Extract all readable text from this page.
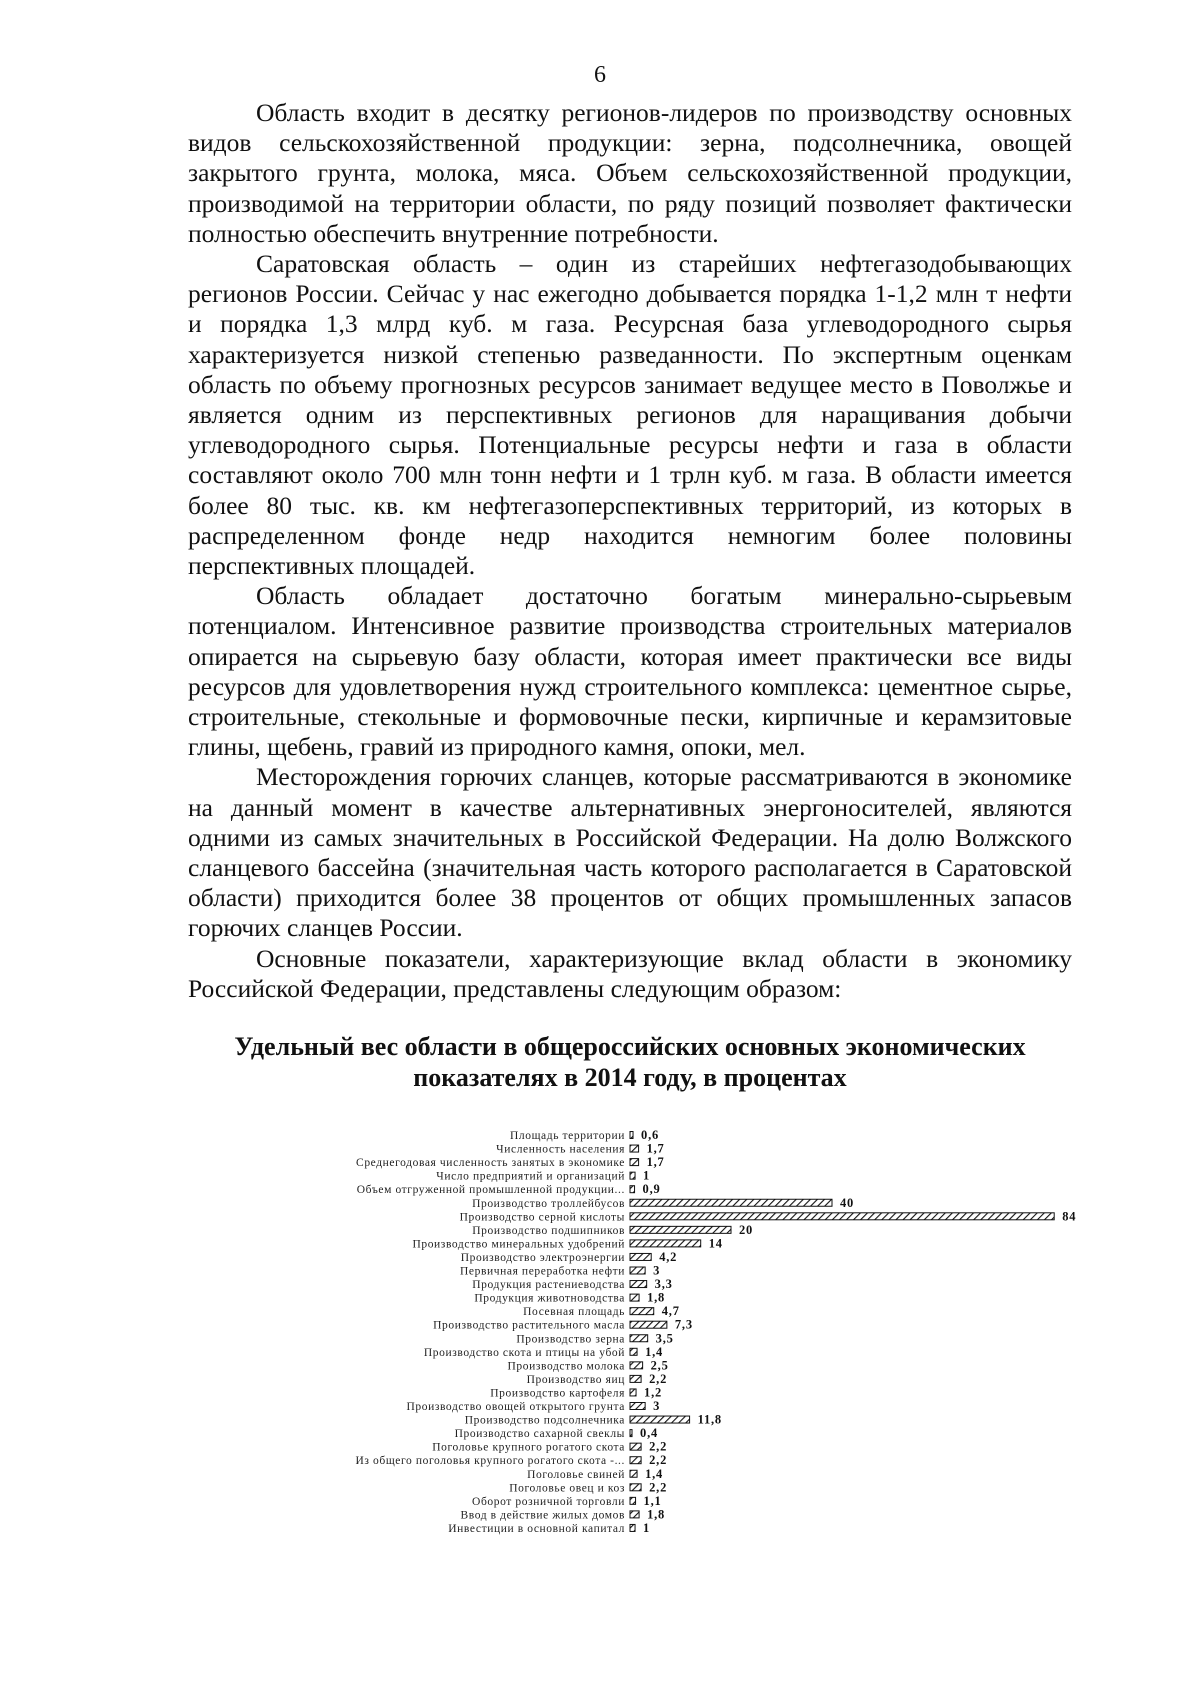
6

Область входит в десятку регионов-лидеров по производству основных видов сельскохозяйственной продукции: зерна, подсолнечника, овощей закрытого грунта, молока, мяса. Объем сельскохозяйственной продукции, производимой на территории области, по ряду позиций позволяет фактически полностью обеспечить внутренние потребности.

Саратовская область – один из старейших нефтегазодобывающих регионов России. Сейчас у нас ежегодно добывается порядка 1-1,2 млн т нефти и порядка 1,3 млрд куб. м газа. Ресурсная база углеводородного сырья характеризуется низкой степенью разведанности. По экспертным оценкам область по объему прогнозных ресурсов занимает ведущее место в Поволжье и является одним из перспективных регионов для наращивания добычи углеводородного сырья. Потенциальные ресурсы нефти и газа в области составляют около 700 млн тонн нефти и 1 трлн куб. м газа. В области имеется более 80 тыс. кв. км нефтегазоперспективных территорий, из которых в распределенном фонде недр находится немногим более половины перспективных площадей.

Область обладает достаточно богатым минерально-сырьевым потенциалом. Интенсивное развитие производства строительных материалов опирается на сырьевую базу области, которая имеет практически все виды ресурсов для удовлетворения нужд строительного комплекса: цементное сырье, строительные, стекольные и формовочные пески, кирпичные и керамзитовые глины, щебень, гравий из природного камня, опоки, мел.

Месторождения горючих сланцев, которые рассматриваются в экономике на данный момент в качестве альтернативных энергоносителей, являются одними из самых значительных в Российской Федерации. На долю Волжского сланцевого бассейна (значительная часть которого располагается в Саратовской области) приходится более 38 процентов от общих промышленных запасов горючих сланцев России.

Основные показатели, характеризующие вклад области в экономику Российской Федерации, представлены следующим образом:

Удельный вес области в общероссийских основных экономических показателях в 2014 году, в процентах
Площадь территории 0,6
Численность населения 1,7
Среднегодовая численность занятых в экономике 1,7
Число предприятий и организаций 1
Объем отгруженной промышленной продукции... 0,9
Производство троллейбусов	40
Производство серной кислоты	84
Производство подшипников	20
Производство минеральных удобрений	14
Производство электроэнергии	4,2
Первичная переработка нефти 3
Продукция растениеводства 3,3
Продукция животноводства 1,8
Посевная площадь	4,7
Производство растительного масла	7,3
Производство зерна 3,5
Производство скота и птицы на убой 1,4
Производство молока 2,5
Производство яиц 2,2
Производство картофеля 1,2
Производство овощей открытого грунта 3
Производство подсолнечника	11,8
Производство сахарной свеклы 0,4
Поголовье крупного рогатого скота 2,2
Из общего поголовья крупного рогатого скота -... 2,2
Поголовье свиней 1,4
Поголовье овец и коз 2,2
Оборот розничной торговли 1,1
Ввод в действие жилых домов 1,8
Инвестиции в основной капитал 1
